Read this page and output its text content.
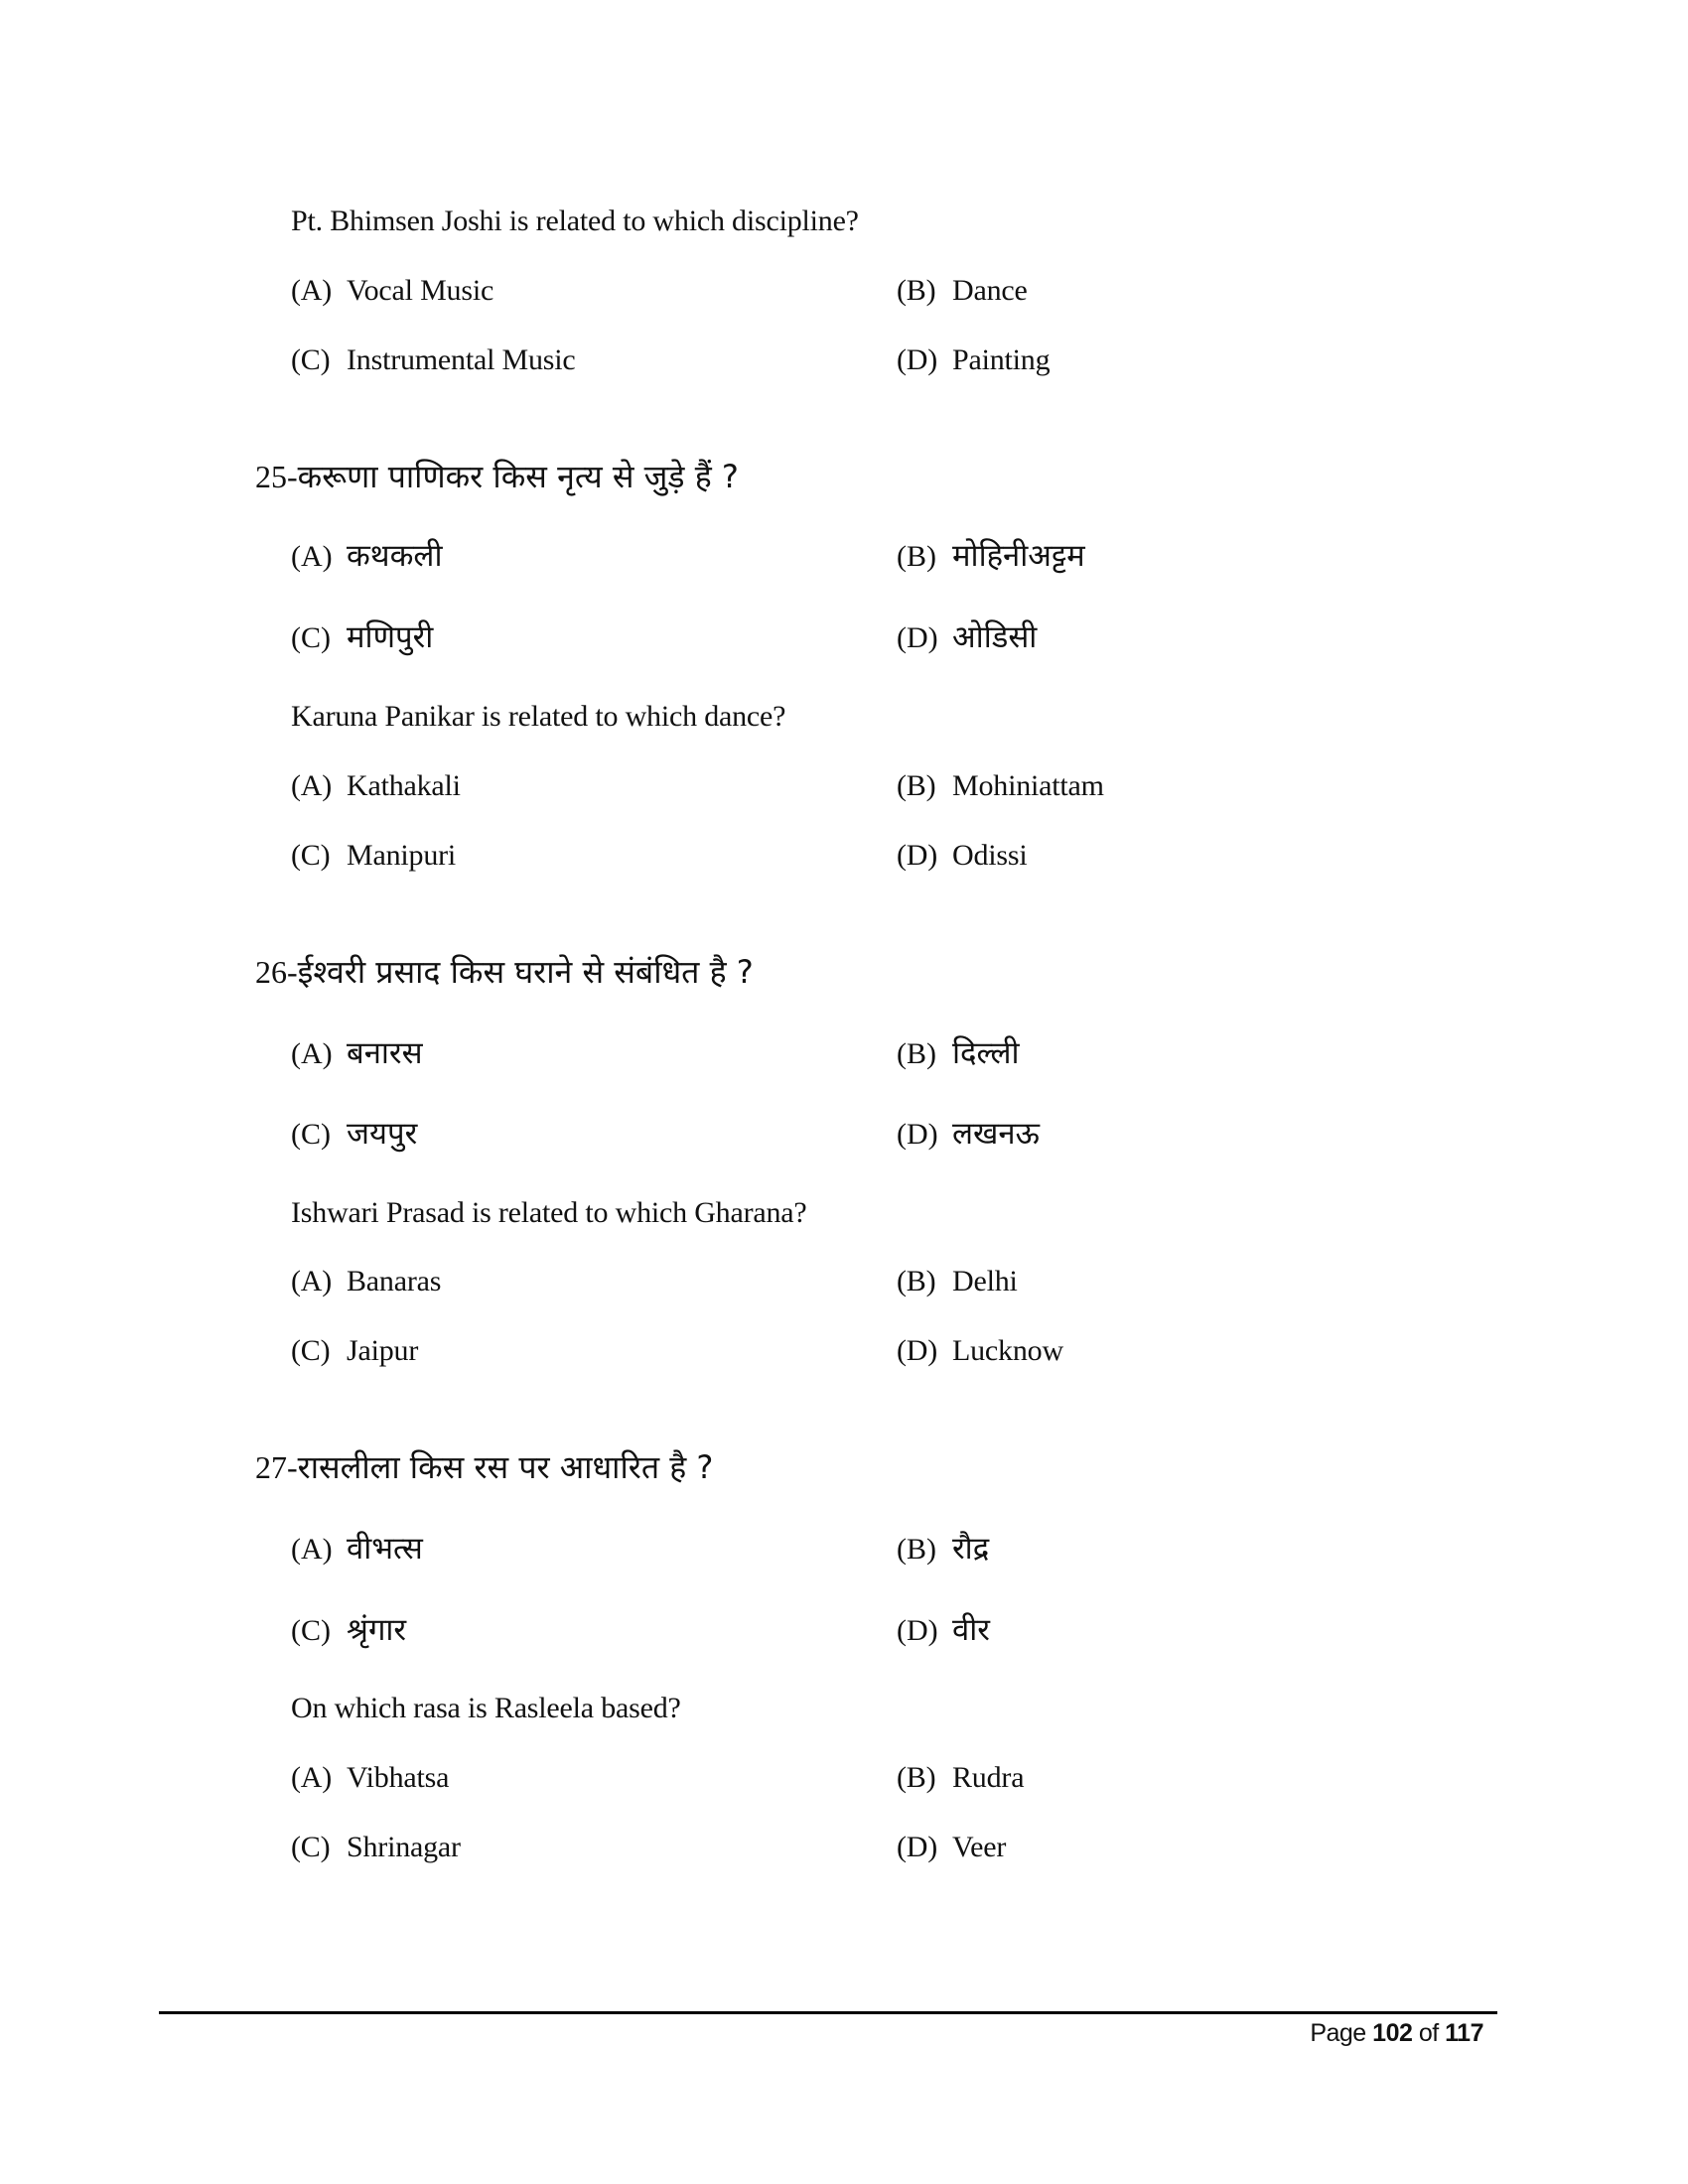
Pt. Bhimsen Joshi is related to which discipline?
(A) Vocal Music	(B) Dance
(C) Instrumental Music	(D) Painting
25-करूणा पाणिकर किस नृत्य से जुड़े हैं ?
(A) कथकली	(B) मोहिनीअट्टम
(C) मणिपुरी	(D) ओडिसी
Karuna Panikar is related to which dance?
(A) Kathakali	(B) Mohiniattam
(C) Manipuri	(D) Odissi
26-ईश्वरी प्रसाद किस घराने से संबंधित है ?
(A) बनारस	(B) दिल्ली
(C) जयपुर	(D) लखनऊ
Ishwari Prasad is related to which Gharana?
(A) Banaras	(B) Delhi
(C) Jaipur	(D) Lucknow
27-रासलीला किस रस पर आधारित है ?
(A) वीभत्स	(B) रौद्र
(C) श्रृंगार	(D) वीर
On which rasa is Rasleela based?
(A) Vibhatsa	(B) Rudra
(C) Shrinagar	(D) Veer
Page 102 of 117
